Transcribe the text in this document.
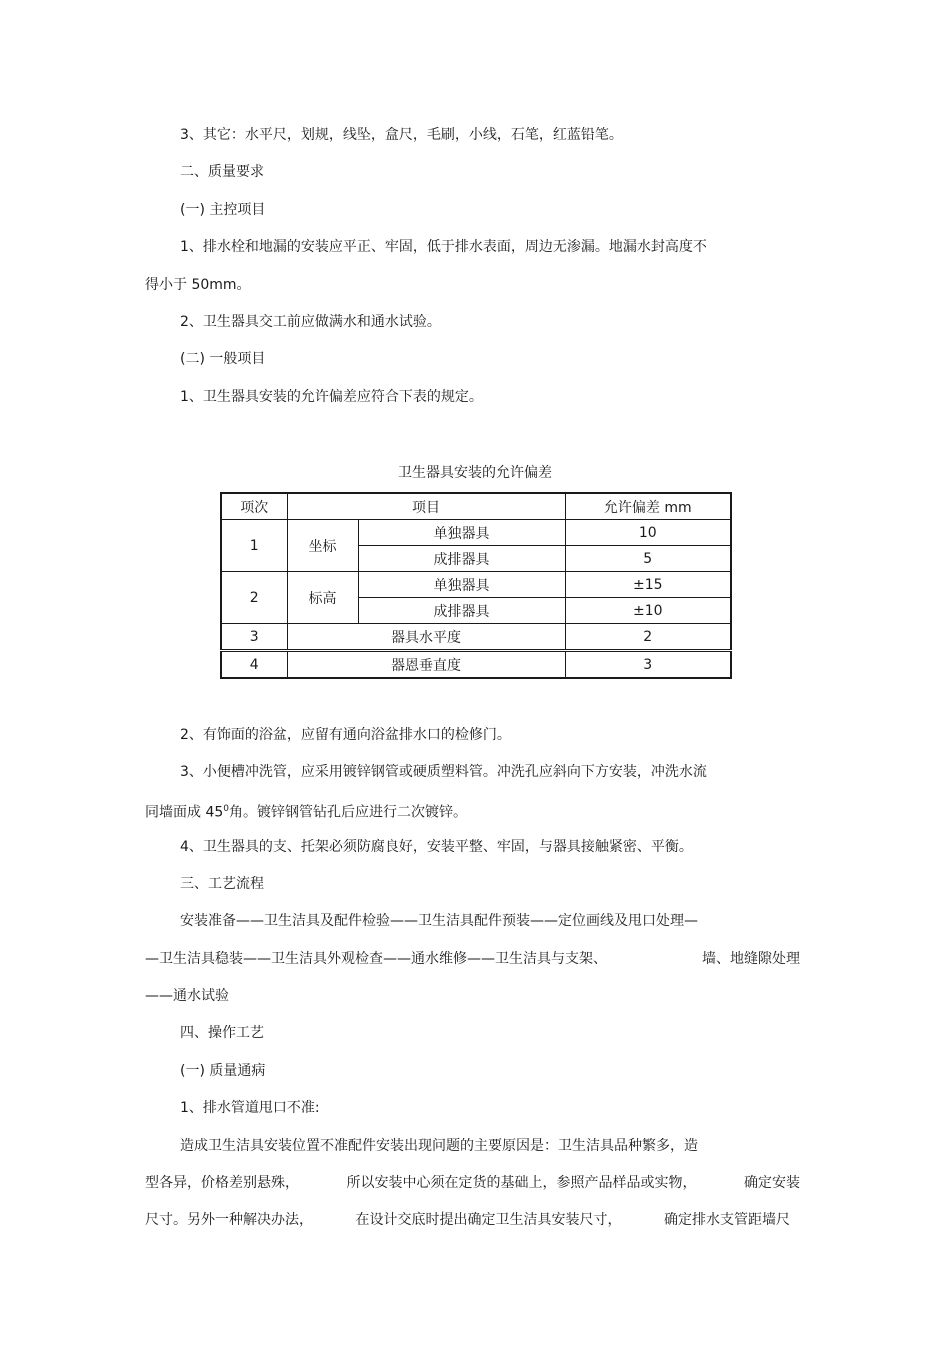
3、其它：水平尺，划规，线坠，盒尺，毛刷，小线，石笔，红蓝铅笔。
二、质量要求
(一) 主控项目
1、排水栓和地漏的安装应平正、牢固，低于排水表面，周边无渗漏。地漏水封高度不
得小于 50mm。
2、卫生器具交工前应做满水和通水试验。
(二) 一般项目
1、卫生器具安装的允许偏差应符合下表的规定。
卫生器具安装的允许偏差
项次	项目		允许偏差 mm
1	坐标	单独器具	10
		成排器具	5
2	标高	单独器具	±15
		成排器具	±10
3	器具水平度		2
4	器恩垂直度		3
2、有饰面的浴盆，应留有通向浴盆排水口的检修门。
3、小便槽冲洗管，应采用镀锌钢管或硬质塑料管。冲洗孔应斜向下方安装，冲洗水流
同墙面成 $45^0$角。镀锌钢管钻孔后应进行二次镀锌。
4、卫生器具的支、托架必须防腐良好，安装平整、牢固，与器具接触紧密、平衡。
三、工艺流程
安装准备——卫生洁具及配件检验——卫生洁具配件预装——定位画线及甩口处理—
—卫生洁具稳装——卫生洁具外观检查——通水维修——卫生洁具与支架、	墙、地缝隙处理
——通水试验
四、操作工艺
(一) 质量通病
1、排水管道甩口不准:
造成卫生洁具安装位置不准配件安装出现问题的主要原因是：卫生洁具品种繁多，造
型各异，价格差别悬殊，	所以安装中心须在定货的基础上，参照产品样品或实物，	确定安装
尺寸。另外一种解决办法，	在设计交底时提出确定卫生洁具安装尺寸，	确定排水支管距墙尺
